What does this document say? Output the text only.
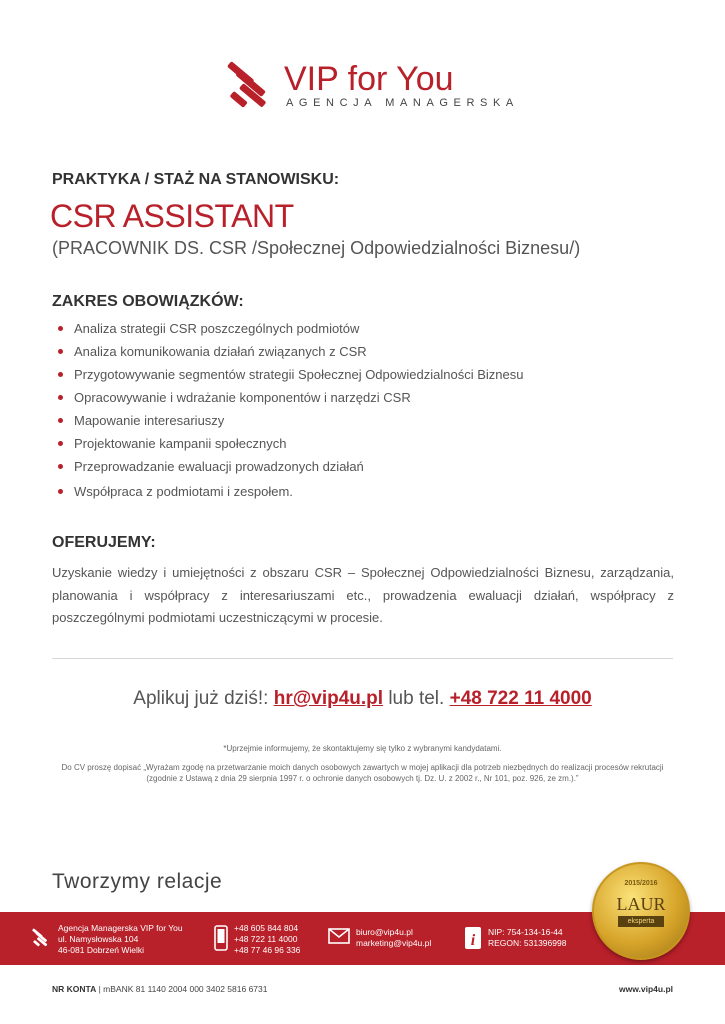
VIP for You
AGENCJA MANAGERSKA
PRAKTYKA / STAŻ NA STANOWISKU:
CSR ASSISTANT
(PRACOWNIK DS. CSR /Społecznej Odpowiedzialności Biznesu/)
ZAKRES OBOWIĄZKÓW:
Analiza strategii CSR poszczególnych podmiotów
Analiza komunikowania działań związanych z CSR
Przygotowywanie segmentów strategii Społecznej Odpowiedzialności Biznesu
Opracowywanie i wdrażanie komponentów i narzędzi CSR
Mapowanie interesariuszy
Projektowanie kampanii społecznych
Przeprowadzanie ewaluacji prowadzonych działań
Współpraca z podmiotami i zespołem.
OFERUJEMY:

Uzyskanie wiedzy i umiejętności z obszaru CSR – Społecznej Odpowiedzialności Biznesu, zarządzania, planowania i współpracy z interesariuszami etc., prowadzenia ewaluacji działań, współpracy z poszczególnymi podmiotami uczestniczącymi w procesie.

Aplikuj już dziś!: hr@vip4u.pl lub tel. +48 722 11 4000
*Uprzejmie informujemy, że skontaktujemy się tylko z wybranymi kandydatami.
Do CV proszę dopisać „Wyrażam zgodę na przetwarzanie moich danych osobowych zawartych w mojej aplikacji dla potrzeb niezbędnych do realizacji procesów rekrutacji (zgodnie z Ustawą z dnia 29 sierpnia 1997 r. o ochronie danych osobowych tj. Dz. U. z 2002 r., Nr 101, poz. 926, ze zm.).”
Tworzymy relacje
Agencja Managerska VIP for You
ul. Namysłowska 104
46-081 Dobrzeń Wielki
+48 605 844 804
+48 722 11 4000
+48 77 46 96 336
biuro@vip4u.pl
marketing@vip4u.pl i NIP: 754-134-16-44
REGON: 531396998
2015/2016
LAUR
eksperta
NR KONTA | mBANK 81 1140 2004 000 3402 5816 6731	www.vip4u.pl
